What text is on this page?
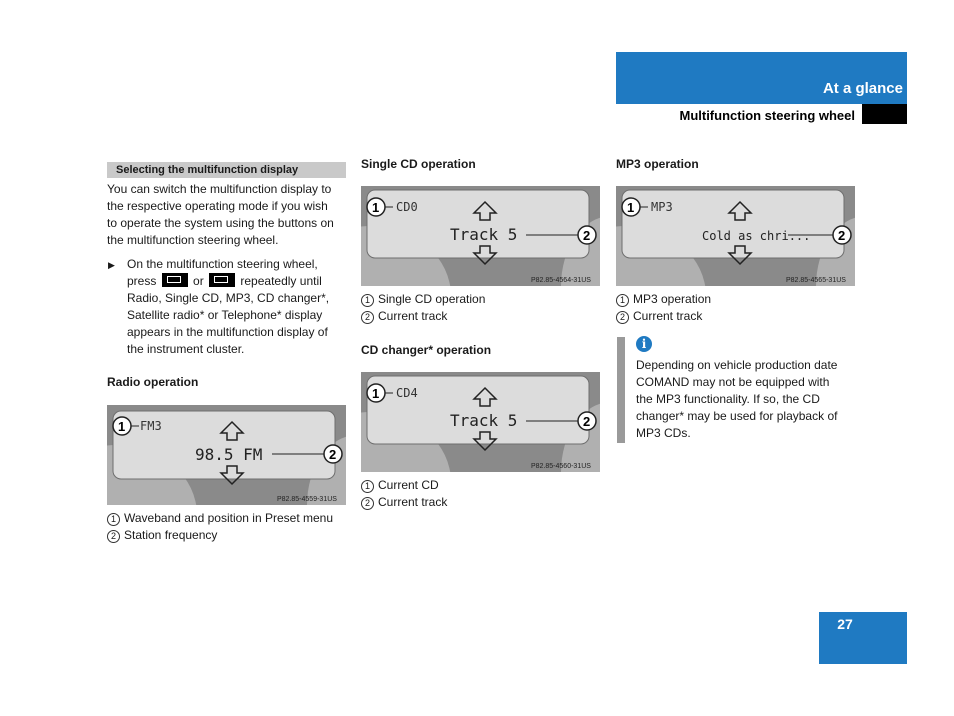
At a glance
Multifunction steering wheel
Selecting the multifunction display
You can switch the multifunction display to
the respective operating mode if you wish
to operate the system using the buttons on
the multifunction steering wheel.
▶ On the multifunction steering wheel,
press	or	repeatedly until
Radio, Single CD, MP3, CD changer*,
Satellite radio* or Telephone* display
appears in the multifunction display of
the instrument cluster.
Radio operation
1 FM3
98.5 FM	2
P82.85-4559-31US
1 Waveband and position in Preset menu
2 Station frequency
Single CD operation
1 CD0
Track 5	2
P82.85-4564-31US
1 Single CD operation
2 Current track
CD changer* operation
1 CD4
Track 5	2
P82.85-4560-31US
1 Current CD
2 Current track
MP3 operation
1 MP3
Cold as chri... 2
P82.85-4565-31US
1 MP3 operation
2 Current track
i
Depending on vehicle production date
COMAND may not be equipped with
the MP3 functionality. If so, the CD
changer* may be used for playback of
MP3 CDs.
27
